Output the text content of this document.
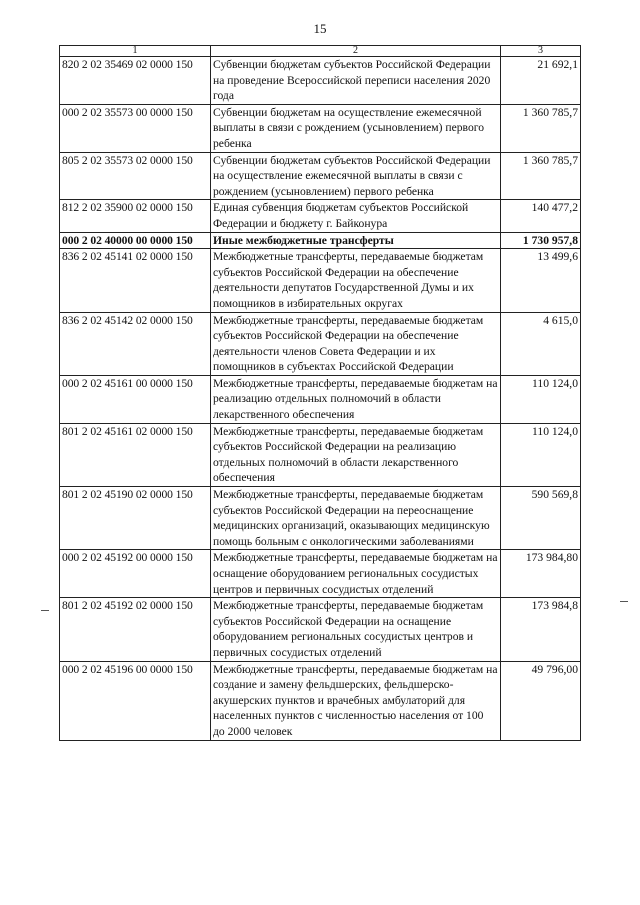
15
1	2	3
820 2 02 35469 02 0000 150	Субвенции бюджетам субъектов Российской Федерации на проведение Всероссийской переписи населения 2020 года	21 692,1
000 2 02 35573 00 0000 150	Субвенции бюджетам на осуществление ежемесячной выплаты в связи с рождением (усыновлением) первого ребенка	1 360 785,7
805 2 02 35573 02 0000 150	Субвенции бюджетам субъектов Российской Федерации на осуществление ежемесячной выплаты в связи с рождением (усыновлением) первого ребенка	1 360 785,7
812 2 02 35900 02 0000 150	Единая субвенция бюджетам субъектов Российской Федерации и бюджету г. Байконура	140 477,2
000 2 02 40000 00 0000 150	Иные межбюджетные трансферты	1 730 957,8
836 2 02 45141 02 0000 150	Межбюджетные трансферты, передаваемые бюджетам субъектов Российской Федерации на обеспечение деятельности депутатов Государственной Думы и их помощников в избирательных округах	13 499,6
836 2 02 45142 02 0000 150	Межбюджетные трансферты, передаваемые бюджетам субъектов Российской Федерации на обеспечение деятельности членов Совета Федерации и их помощников в субъектах Российской Федерации	4 615,0
000 2 02 45161 00 0000 150	Межбюджетные трансферты, передаваемые бюджетам на реализацию отдельных полномочий в области лекарственного обеспечения	110 124,0
801 2 02 45161 02 0000 150	Межбюджетные трансферты, передаваемые бюджетам субъектов Российской Федерации на реализацию отдельных полномочий в области лекарственного обеспечения	110 124,0
801 2 02 45190 02 0000 150	Межбюджетные трансферты, передаваемые бюджетам субъектов Российской Федерации на переоснащение медицинских организаций, оказывающих медицинскую помощь больным с онкологическими заболеваниями	590 569,8
000 2 02 45192 00 0000 150	Межбюджетные трансферты, передаваемые бюджетам на оснащение оборудованием региональных сосудистых центров и первичных сосудистых отделений	173 984,80
801 2 02 45192 02 0000 150	Межбюджетные трансферты, передаваемые бюджетам субъектов Российской Федерации на оснащение оборудованием региональных сосудистых центров и первичных сосудистых отделений	173 984,8
000 2 02 45196 00 0000 150	Межбюджетные трансферты, передаваемые бюджетам на создание и замену фельдшерских, фельдшерско-акушерских пунктов и врачебных амбулаторий для населенных пунктов с численностью населения от 100 до 2000 человек	49 796,00
